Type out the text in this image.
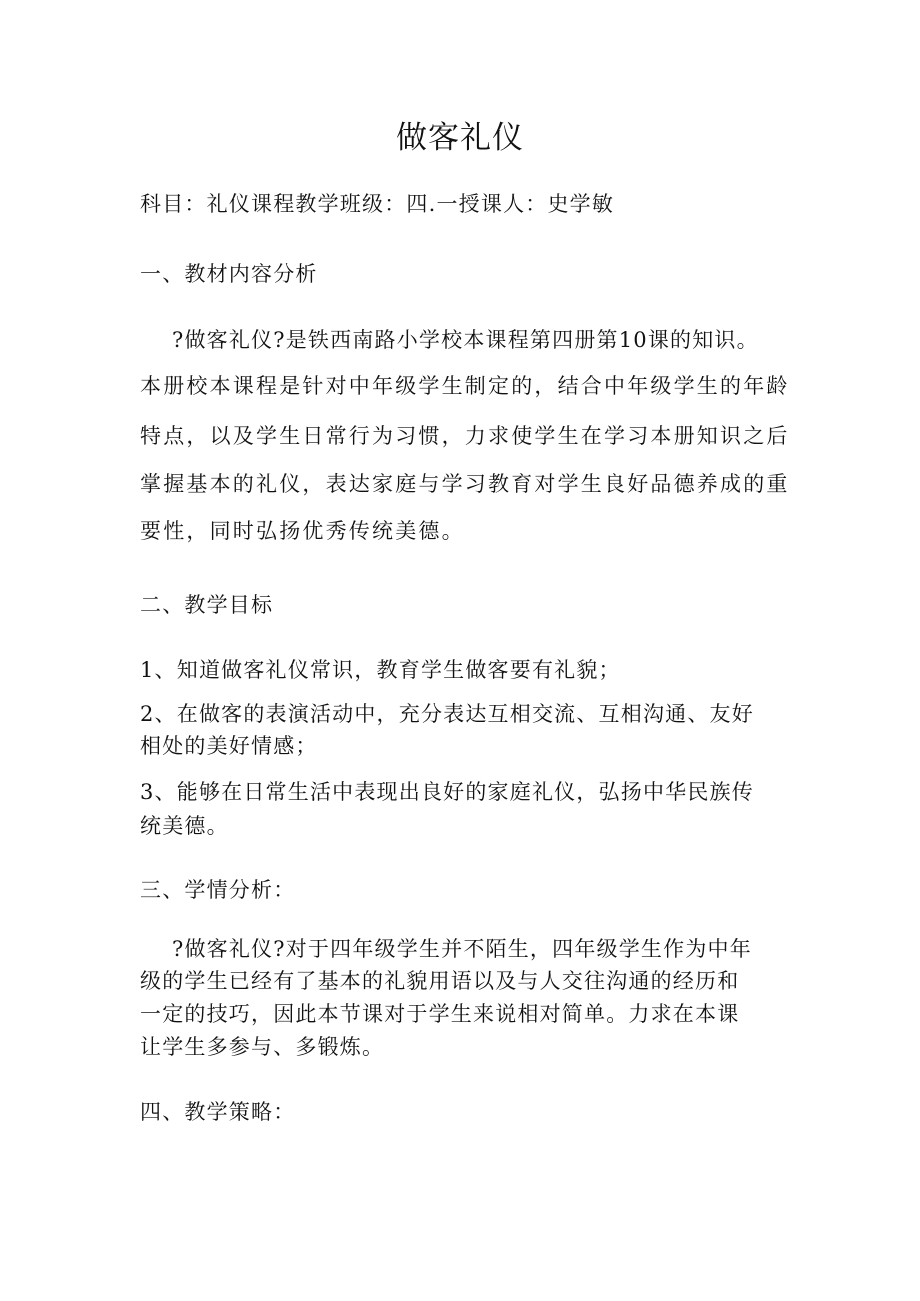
做客礼仪
科目：礼仪课程教学班级：四.一授课人：史学敏
一、教材内容分析
?做客礼仪?是铁西南路小学校本课程第四册第10课的知识。
本册校本课程是针对中年级学生制定的，结合中年级学生的年龄
特点，以及学生日常行为习惯，力求使学生在学习本册知识之后
掌握基本的礼仪，表达家庭与学习教育对学生良好品德养成的重
要性，同时弘扬优秀传统美德。
二、教学目标
1、知道做客礼仪常识，教育学生做客要有礼貌；
2、在做客的表演活动中，充分表达互相交流、互相沟通、友好
相处的美好情感；
3、能够在日常生活中表现出良好的家庭礼仪，弘扬中华民族传
统美德。
三、学情分析：
?做客礼仪?对于四年级学生并不陌生，四年级学生作为中年
级的学生已经有了基本的礼貌用语以及与人交往沟通的经历和
一定的技巧，因此本节课对于学生来说相对简单。力求在本课
让学生多参与、多锻炼。
四、教学策略：
